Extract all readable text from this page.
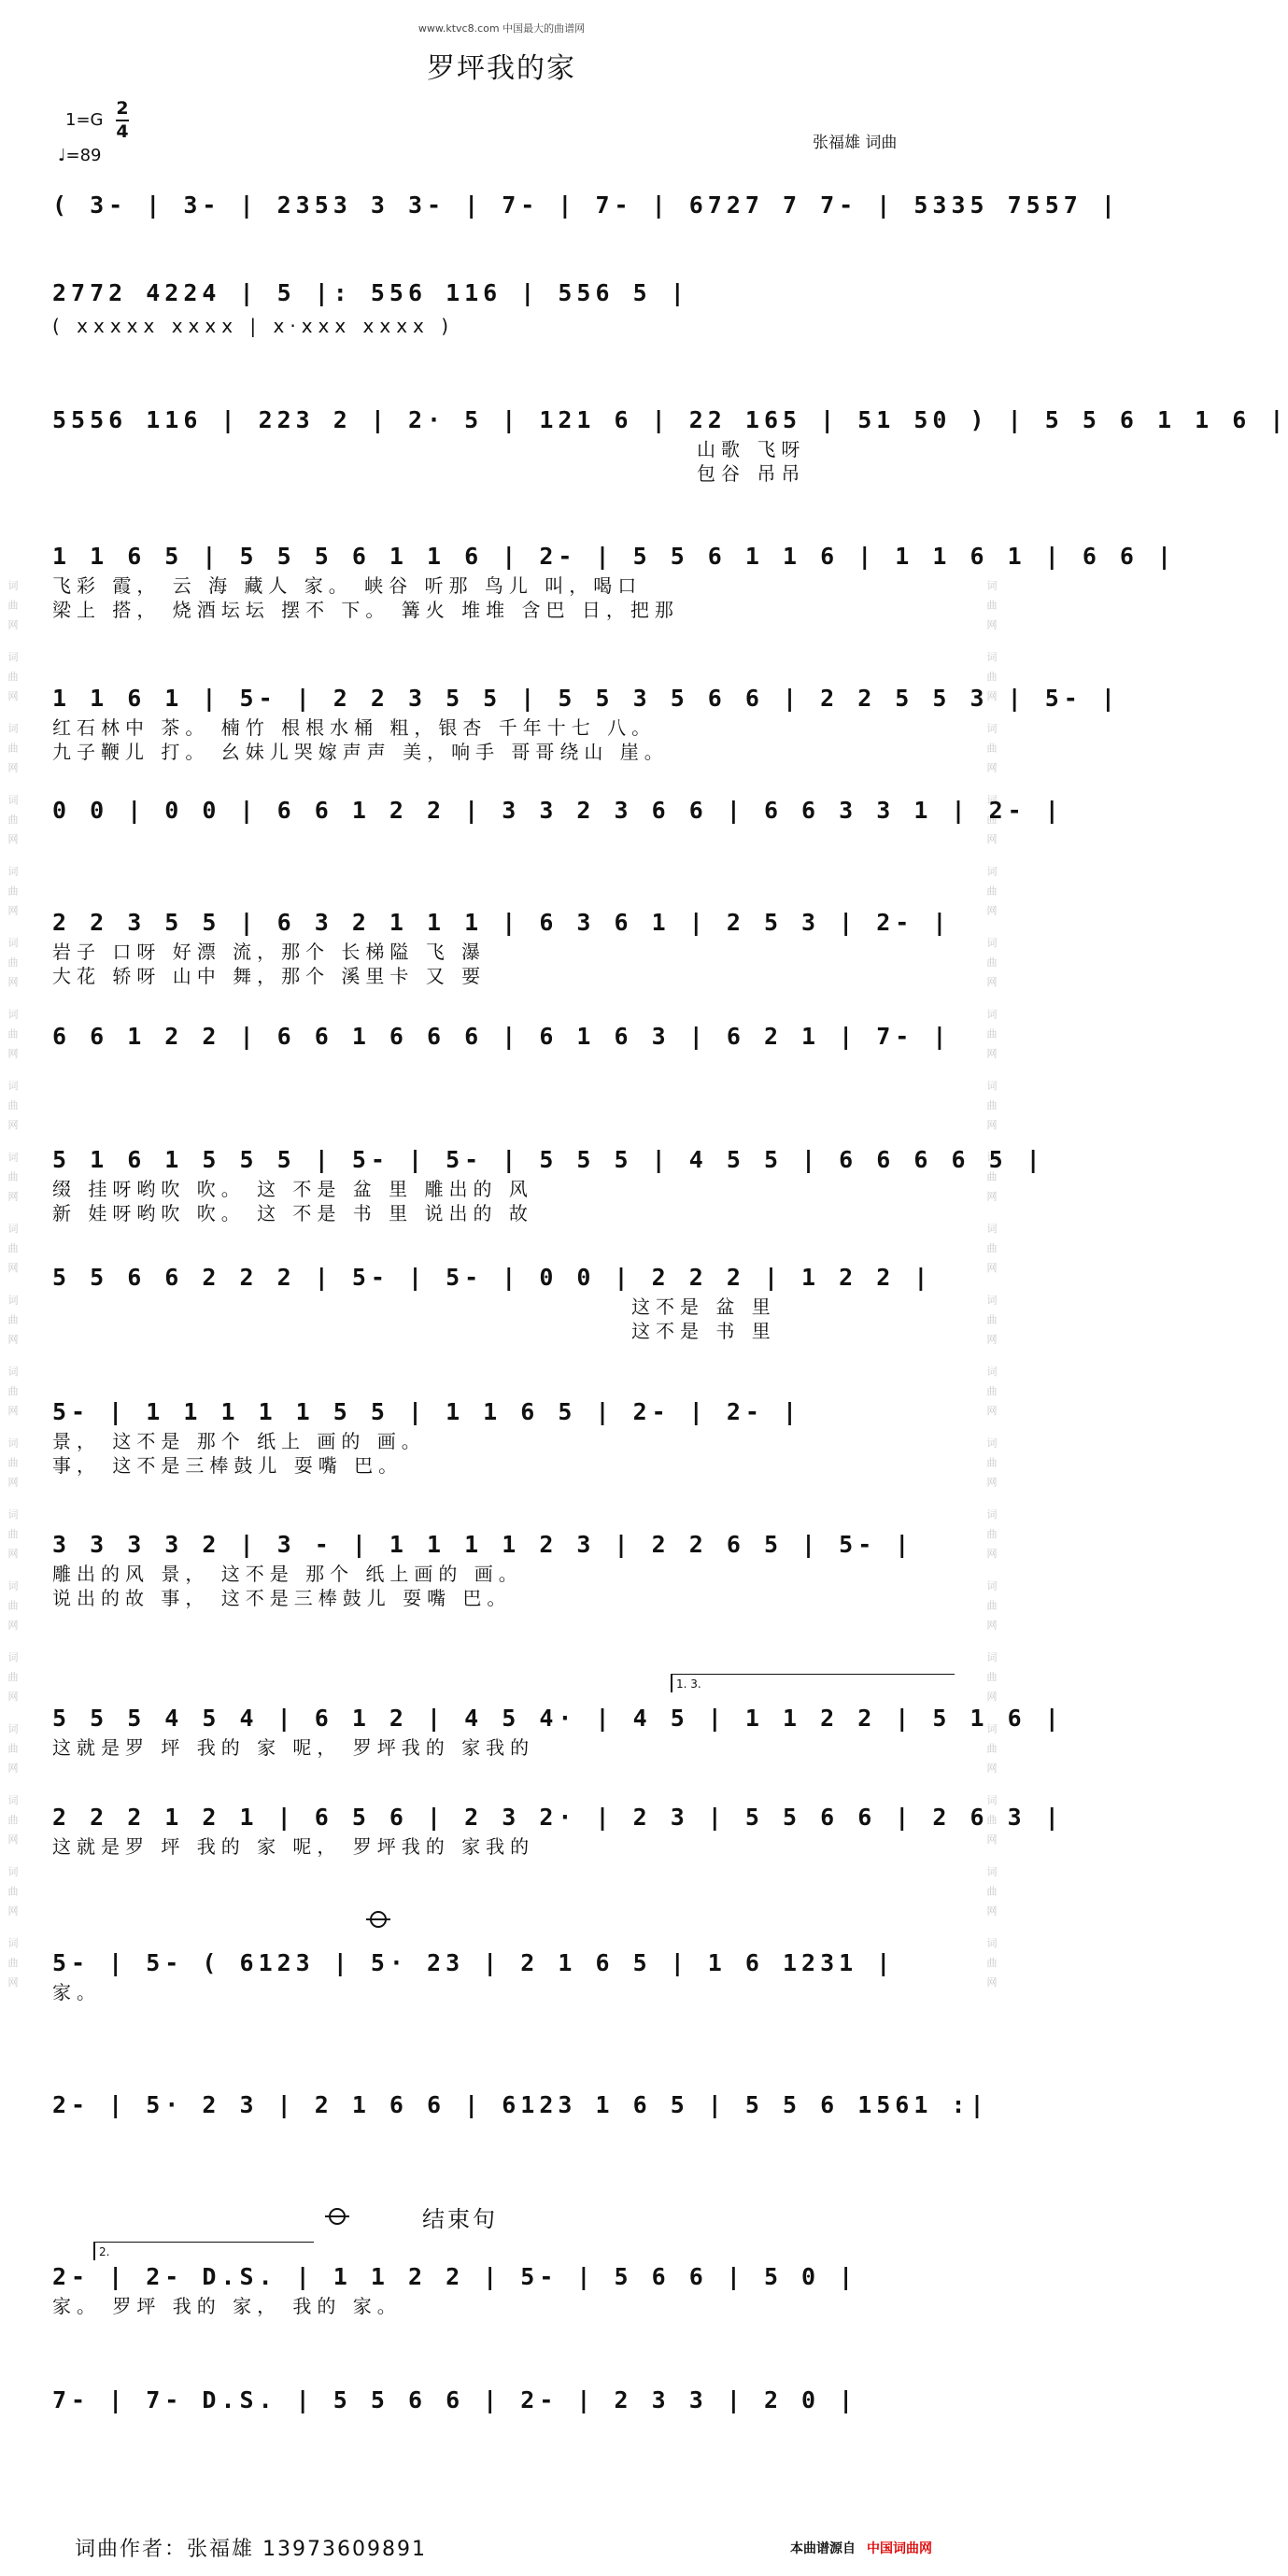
词曲网 词曲网 词曲网 词曲网 词曲网 词曲网 词曲网 词曲网 词曲网 词曲网 词曲网 词曲网 词曲网 词曲网 词曲网 词曲网 词曲网 词曲网 词曲网 词曲网	词曲网 词曲网 词曲网 词曲网 词曲网 词曲网 词曲网 词曲网 词曲网 词曲网 词曲网 词曲网 词曲网 词曲网 词曲网 词曲网 词曲网 词曲网 词曲网 词曲网
www.ktvc8.com 中国最大的曲谱网
罗坪我的家
1=G
2
4
♩=89
张福雄 词曲
( 3- | 3- | 2353 3 3- | 7- | 7- | 6727 7 7- | 5335 7557 |
2772 4224 | 5 |: 556 116 | 556 5 |
( xxxxx xxxx | x·xxx xxxx )
5556 116 | 223 2 | 2· 5 | 121 6 | 22 165 | 51 50 ) | 5 5 6 1 1 6 |
山歌 飞呀
包谷 吊吊
1 1 6 5 | 5 5 5 6 1 1 6 | 2- | 5 5 6 1 1 6 | 1 1 6 1 | 6 6 |
飞彩 霞， 云 海 藏人 家。 峡谷 听那 鸟儿 叫，喝口
梁上 搭， 烧酒坛坛 摆不 下。 篝火 堆堆 含巴 日，把那
1 1 6 1 | 5- | 2 2 3 5 5 | 5 5 3 5 6 6 | 2 2 5 5 3 | 5- |
红石林中 茶。 楠竹 根根水桶 粗，银杏 千年十七 八。
九子鞭儿 打。 幺妹儿哭嫁声声 美，响手 哥哥绕山 崖。
0 0 | 0 0 | 6 6 1 2 2 | 3 3 2 3 6 6 | 6 6 3 3 1 | 2- |
2 2 3 5 5 | 6 3 2 1 1 1 | 6 3 6 1 | 2 5 3 | 2- |
岩子 口呀 好漂 流，那个 长梯隘 飞 瀑
大花 轿呀 山中 舞，那个 溪里卡 又 要
6 6 1 2 2 | 6 6 1 6 6 6 | 6 1 6 3 | 6 2 1 | 7- |
5 1 6 1 5 5 5 | 5- | 5- | 5 5 5 | 4 5 5 | 6 6 6 6 5 |
缀 挂呀哟吹 吹。 这 不是 盆 里 雕出的 风
新 娃呀哟吹 吹。 这 不是 书 里 说出的 故
5 5 6 6 2 2 2 | 5- | 5- | 0 0 | 2 2 2 | 1 2 2 |
这不是 盆 里
这不是 书 里
5- | 1 1 1 1 1 5 5 | 1 1 6 5 | 2- | 2- |
景， 这不是 那个 纸上 画的 画。
事， 这不是三棒鼓儿 耍嘴 巴。
3 3 3 3 2 | 3 - | 1 1 1 1 2 3 | 2 2 6 5 | 5- |
雕出的风 景， 这不是 那个 纸上画的 画。
说出的故 事， 这不是三棒鼓儿 耍嘴 巴。
1. 3.
5 5 5 4 5 4 | 6 1 2 | 4 5 4· | 4 5 | 1 1 2 2 | 5 1 6 |
这就是罗 坪 我的 家 呢， 罗坪我的 家我的
2 2 2 1 2 1 | 6 5 6 | 2 3 2· | 2 3 | 5 5 6 6 | 2 6 3 |
这就是罗 坪 我的 家 呢， 罗坪我的 家我的
5- | 5- ( 6123 | 5· 23 | 2 1 6 5 | 1 6 1231 |
家。
2- | 5· 2 3 | 2 1 6 6 | 6123 1 6 5 | 5 5 6 1561 :|
结束句
2.
2- | 2- D.S. | 1 1 2 2 | 5- | 5 6 6 | 5 0 |
家。 罗坪 我的 家， 我的 家。
7- | 7- D.S. | 5 5 6 6 | 2- | 2 3 3 | 2 0 |
词曲作者：张福雄 13973609891	本曲谱源自 中国词曲网
